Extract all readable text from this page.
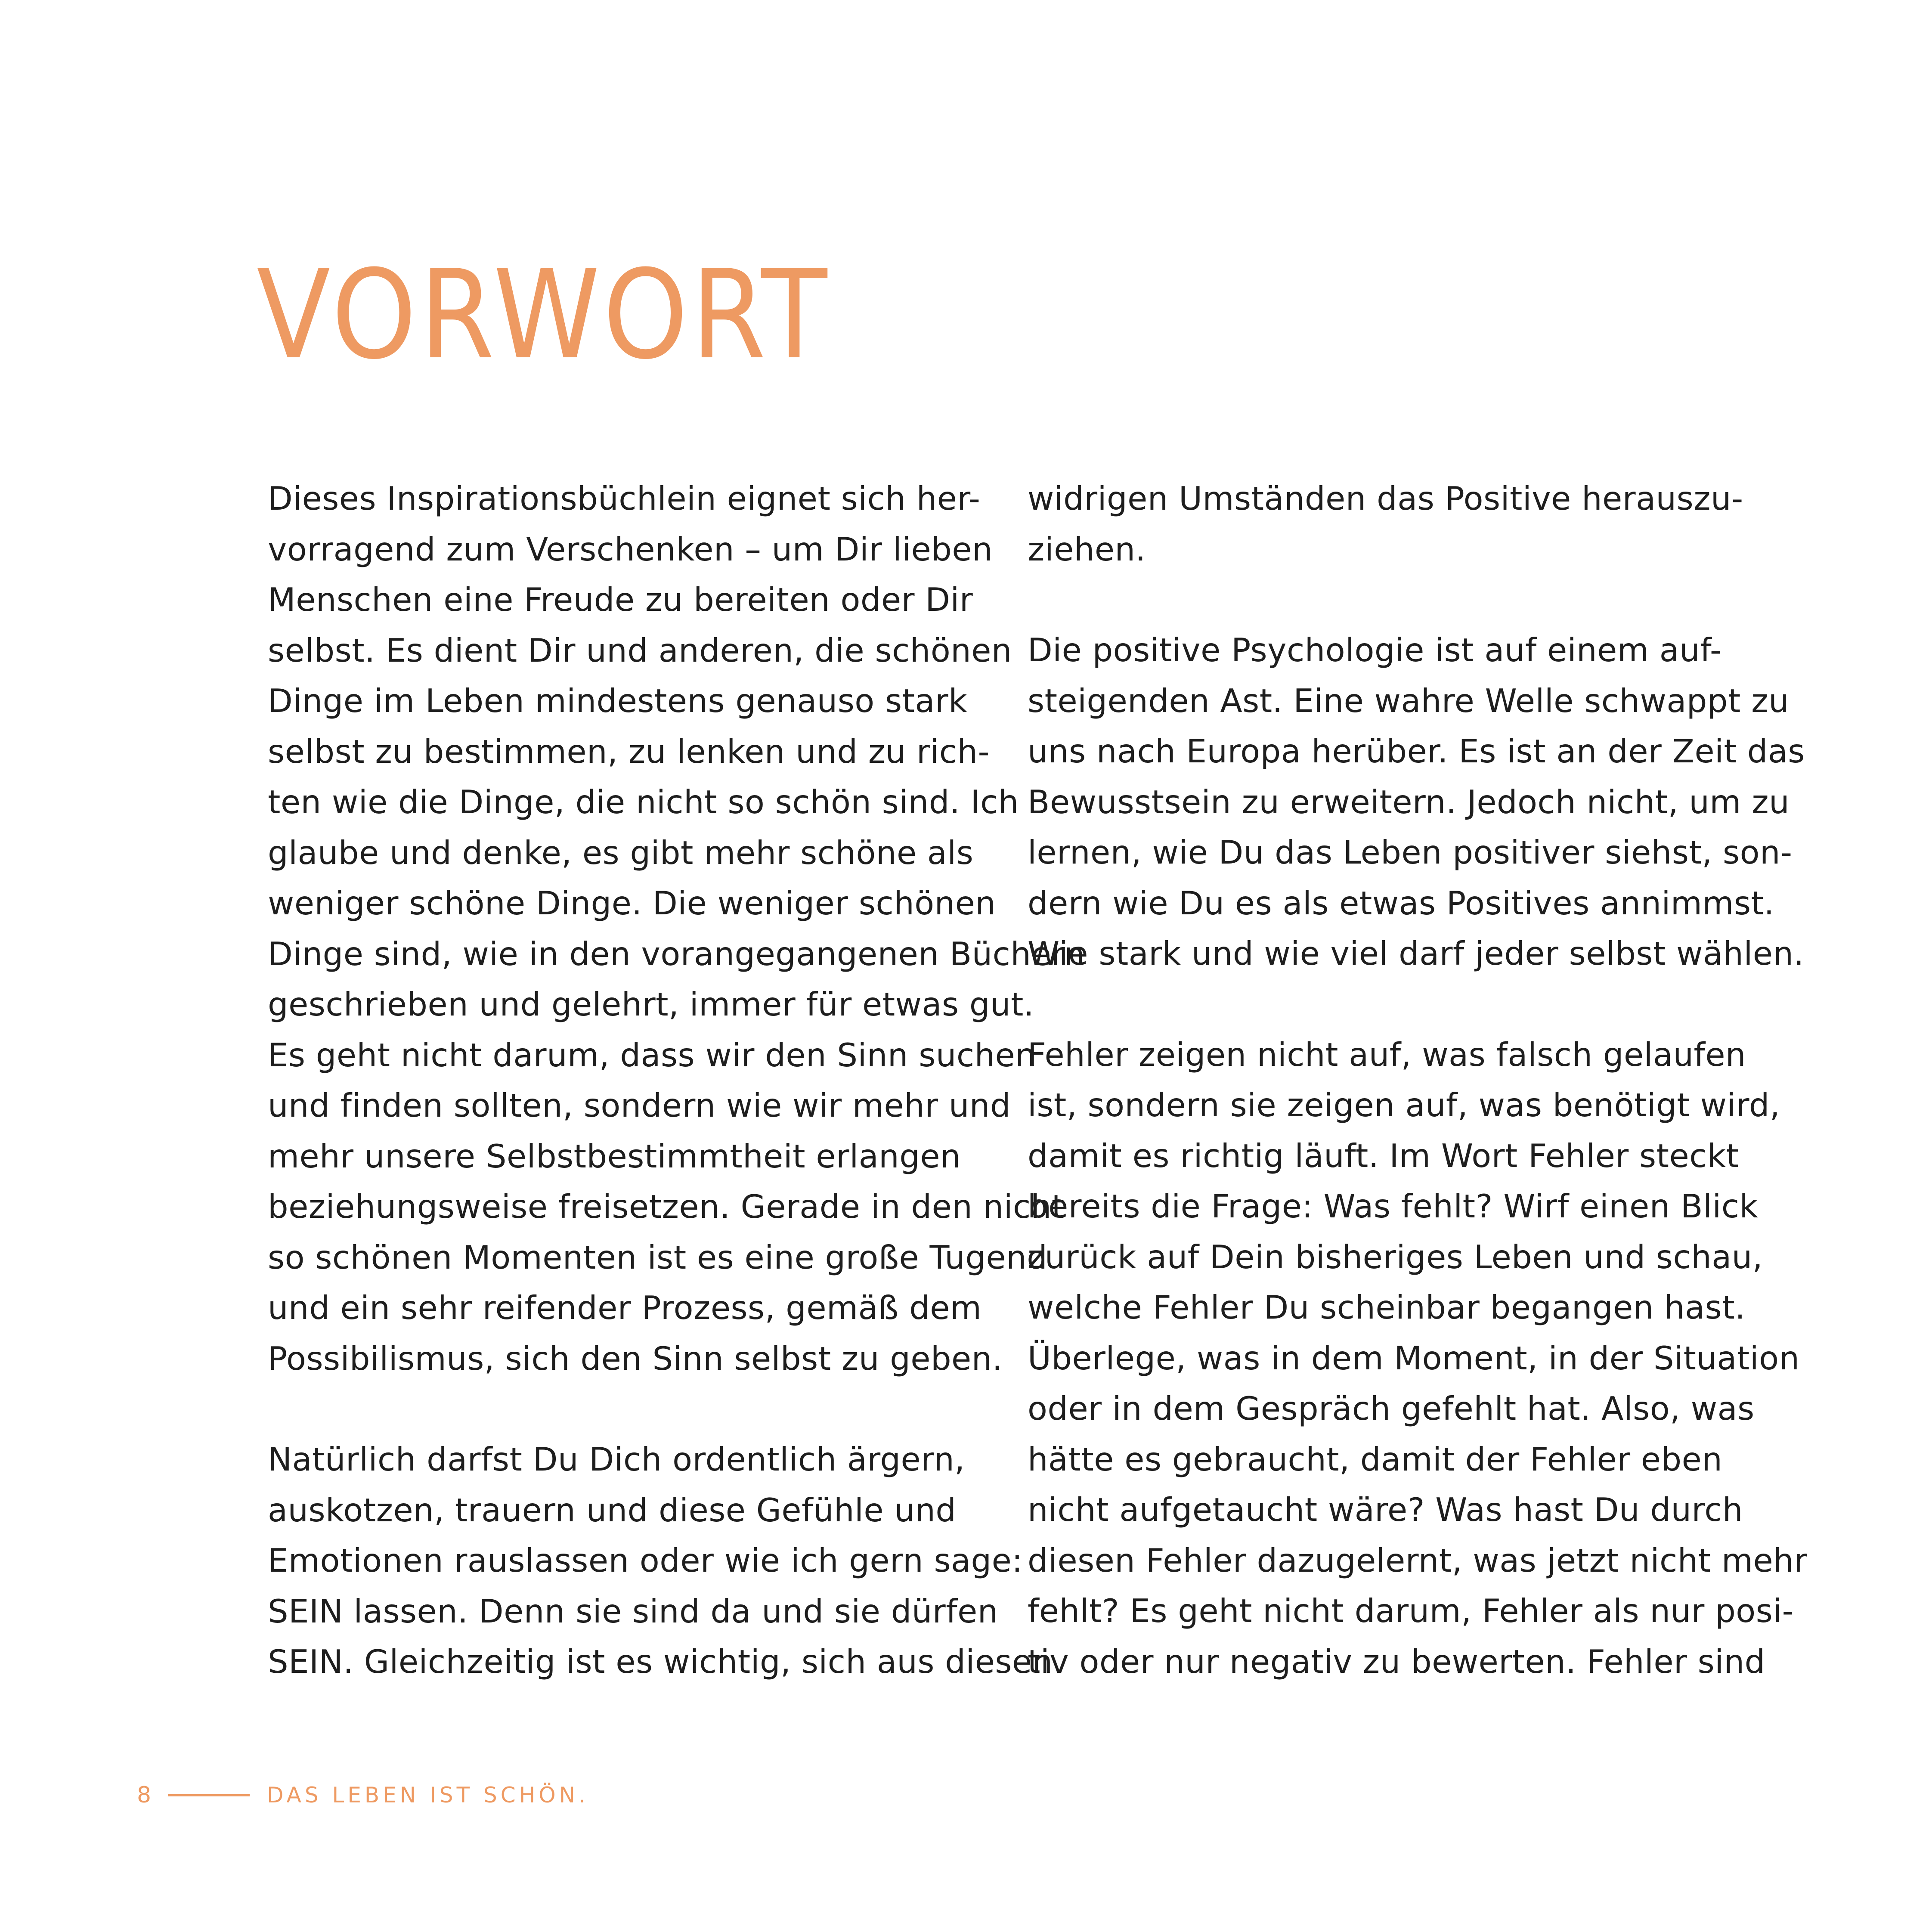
VORWORT

Dieses Inspirationsbüchlein eignet sich her-
vorragend zum Verschenken – um Dir lieben
Menschen eine Freude zu bereiten oder Dir
selbst. Es dient Dir und anderen, die schönen
Dinge im Leben mindestens genauso stark
selbst zu bestimmen, zu lenken und zu rich-
ten wie die Dinge, die nicht so schön sind. Ich
glaube und denke, es gibt mehr schöne als
weniger schöne Dinge. Die weniger schönen
Dinge sind, wie in den vorangegangenen Büchern
geschrieben und gelehrt, immer für etwas gut.
Es geht nicht darum, dass wir den Sinn suchen
und finden sollten, sondern wie wir mehr und
mehr unsere Selbstbestimmtheit erlangen
beziehungsweise freisetzen. Gerade in den nicht
so schönen Momenten ist es eine große Tugend
und ein sehr reifender Prozess, gemäß dem
Possibilismus, sich den Sinn selbst zu geben.

Natürlich darfst Du Dich ordentlich ärgern,
auskotzen, trauern und diese Gefühle und
Emotionen rauslassen oder wie ich gern sage:
SEIN lassen. Denn sie sind da und sie dürfen
SEIN. Gleichzeitig ist es wichtig, sich aus diesen

widrigen Umständen das Positive herauszu-
ziehen.

Die positive Psychologie ist auf einem auf-
steigenden Ast. Eine wahre Welle schwappt zu
uns nach Europa herüber. Es ist an der Zeit das
Bewusstsein zu erweitern. Jedoch nicht, um zu
lernen, wie Du das Leben positiver siehst, son-
dern wie Du es als etwas Positives annimmst.
Wie stark und wie viel darf jeder selbst wählen.

Fehler zeigen nicht auf, was falsch gelaufen
ist, sondern sie zeigen auf, was benötigt wird,
damit es richtig läuft. Im Wort Fehler steckt
bereits die Frage: Was fehlt? Wirf einen Blick
zurück auf Dein bisheriges Leben und schau,
welche Fehler Du scheinbar begangen hast.
Überlege, was in dem Moment, in der Situation
oder in dem Gespräch gefehlt hat. Also, was
hätte es gebraucht, damit der Fehler eben
nicht aufgetaucht wäre? Was hast Du durch
diesen Fehler dazugelernt, was jetzt nicht mehr
fehlt? Es geht nicht darum, Fehler als nur posi-
tiv oder nur negativ zu bewerten. Fehler sind

8	DAS LEBEN IST SCHÖN.
